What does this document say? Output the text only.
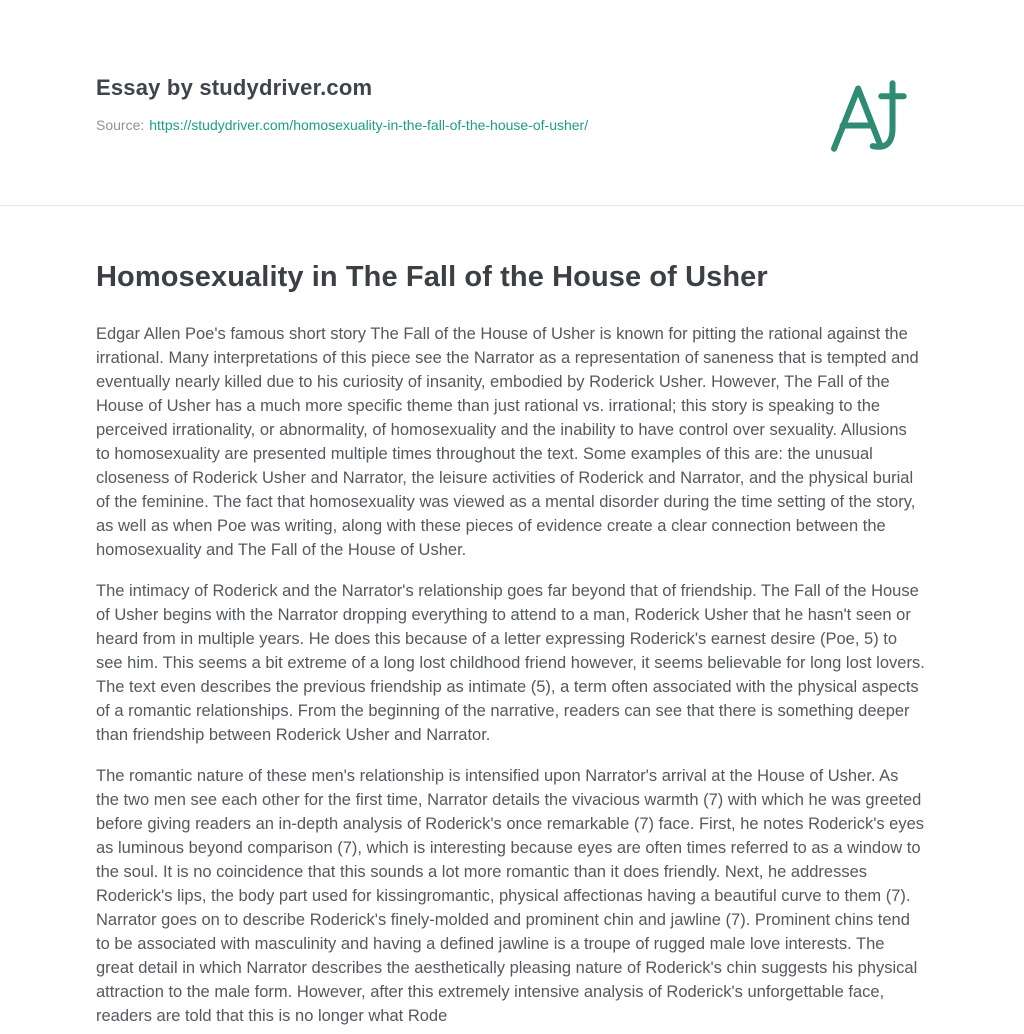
Essay by studydriver.com
Source: https://studydriver.com/homosexuality-in-the-fall-of-the-house-of-usher/
Homosexuality in The Fall of the House of Usher

Edgar Allen Poe's famous short story The Fall of the House of Usher is known for pitting the rational against the irrational. Many interpretations of this piece see the Narrator as a representation of saneness that is tempted and eventually nearly killed due to his curiosity of insanity, embodied by Roderick Usher. However, The Fall of the House of Usher has a much more specific theme than just rational vs. irrational; this story is speaking to the perceived irrationality, or abnormality, of homosexuality and the inability to have control over sexuality. Allusions to homosexuality are presented multiple times throughout the text. Some examples of this are: the unusual closeness of Roderick Usher and Narrator, the leisure activities of Roderick and Narrator, and the physical burial of the feminine. The fact that homosexuality was viewed as a mental disorder during the time setting of the story, as well as when Poe was writing, along with these pieces of evidence create a clear connection between the homosexuality and The Fall of the House of Usher.

The intimacy of Roderick and the Narrator's relationship goes far beyond that of friendship. The Fall of the House of Usher begins with the Narrator dropping everything to attend to a man, Roderick Usher that he hasn't seen or heard from in multiple years. He does this because of a letter expressing Roderick's earnest desire (Poe, 5) to see him. This seems a bit extreme of a long lost childhood friend however, it seems believable for long lost lovers. The text even describes the previous friendship as intimate (5), a term often associated with the physical aspects of a romantic relationships. From the beginning of the narrative, readers can see that there is something deeper than friendship between Roderick Usher and Narrator.

The romantic nature of these men's relationship is intensified upon Narrator's arrival at the House of Usher. As the two men see each other for the first time, Narrator details the vivacious warmth (7) with which he was greeted before giving readers an in-depth analysis of Roderick's once remarkable (7) face. First, he notes Roderick's eyes as luminous beyond comparison (7), which is interesting because eyes are often times referred to as a window to the soul. It is no coincidence that this sounds a lot more romantic than it does friendly. Next, he addresses Roderick's lips, the body part used for kissingromantic, physical affectionas having a beautiful curve to them (7). Narrator goes on to describe Roderick's finely-molded and prominent chin and jawline (7). Prominent chins tend to be associated with masculinity and having a defined jawline is a troupe of rugged male love interests. The great detail in which Narrator describes the aesthetically pleasing nature of Roderick's chin suggests his physical attraction to the male form. However, after this extremely intensive analysis of Roderick's unforgettable face, readers are told that this is no longer what Rode
